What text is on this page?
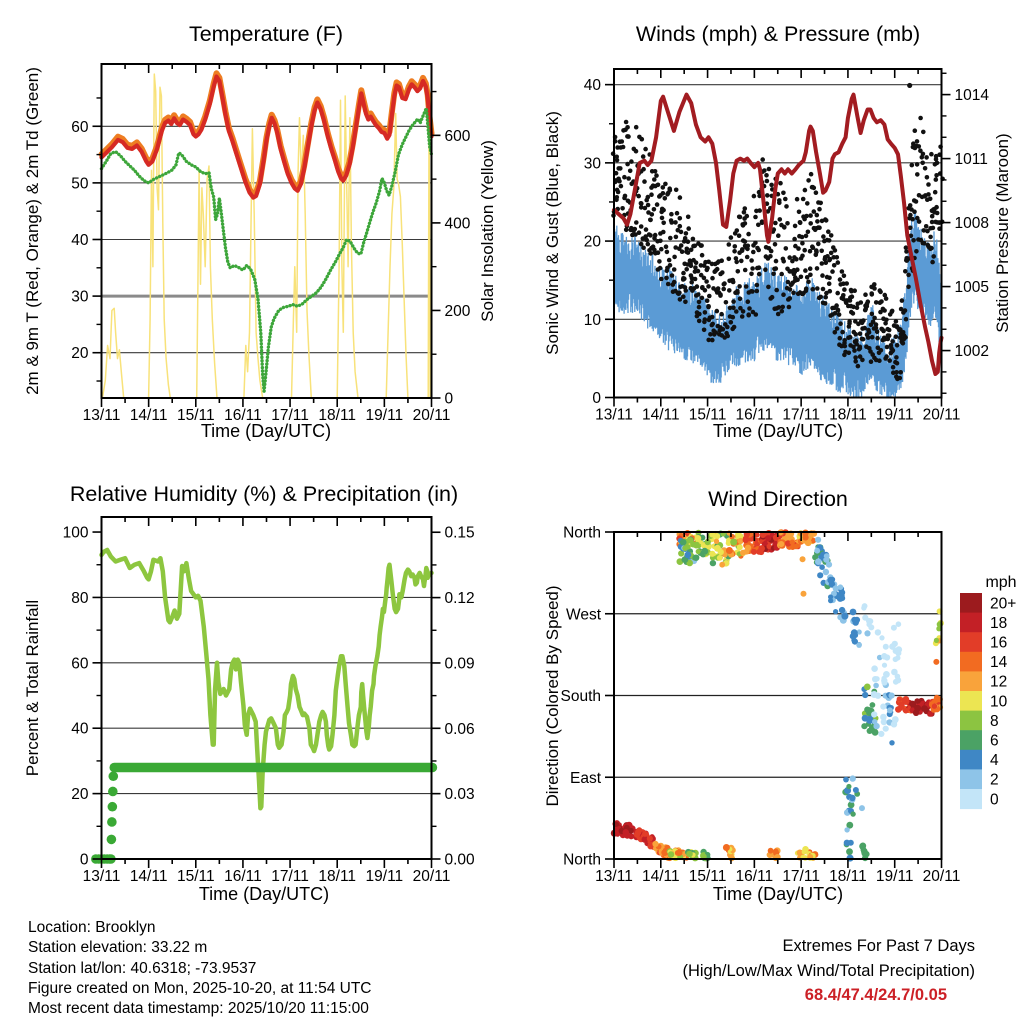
13/11 14/11 15/11 16/11 17/11 18/11 19/11 20/11
20
30
40
50
60
0
200
400
600
13/11 14/11 15/11 16/11 17/11 18/11 19/11 20/11
0
10
20
30
40
1002
1005
1008
1011
1014
13/11 14/11 15/11 16/11 17/11 18/11 19/11 20/11
0
20
40
60
80
100
0.00
0.03
0.06
0.09
0.12
0.15
13/11 14/11 15/11 16/11 17/11 18/11 19/11 20/11
North
East
South
West
North
20+
18
16
14
12
10
8
6
4
2
0
Temperature (F)	Winds (mph) & Pressure (mb)
Relative Humidity (%) & Precipitation (in)	Wind Direction
2m & 9m T (Red, Orange) & 2m Td (Green)	Solar Insolation (Yellow)	Sonic Wind & Gust (Blue, Black)	Station Pressure (Maroon)
Percent & Total Rainfall	Direction (Colored By Speed)
Time (Day/UTC)	Time (Day/UTC)
Time (Day/UTC)	Time (Day/UTC)
mph
Location: Brooklyn
Station elevation: 33.22 m
Station lat/lon: 40.6318; -73.9537
Figure created on Mon, 2025-10-20, at 11:54 UTC
Most recent data timestamp: 2025/10/20 11:15:00
Extremes For Past 7 Days
(High/Low/Max Wind/Total Precipitation)
68.4/47.4/24.7/0.05
